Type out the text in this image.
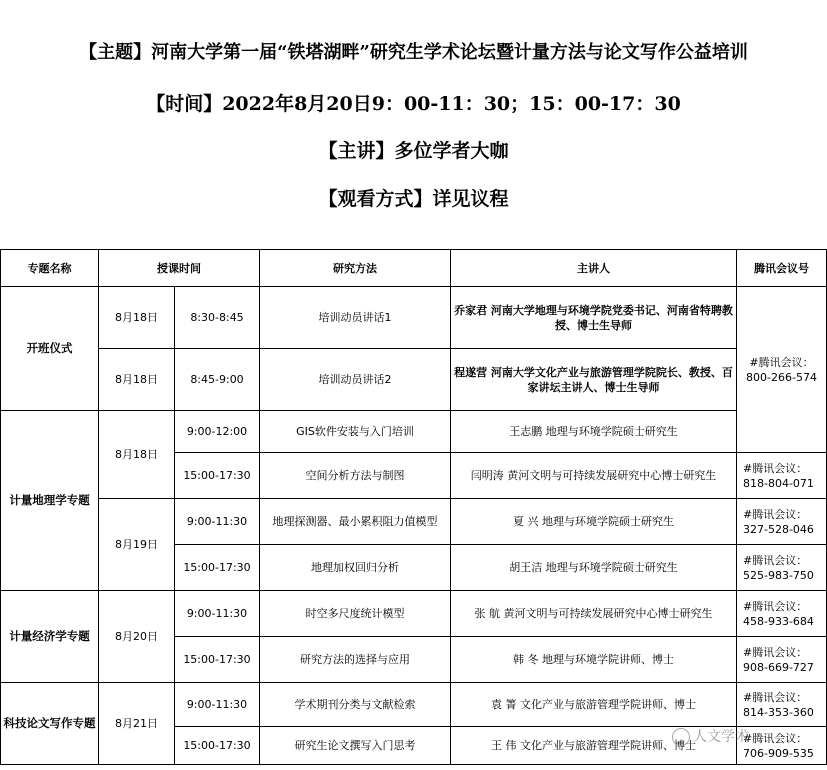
【主题】河南大学第一届“铁塔湖畔”研究生学术论坛暨计量方法与论文写作公益培训
【时间】2022年8月20日9：00-11：30；15：00-17：30
【主讲】多位学者大咖
【观看方式】详见议程
专题名称	授课时间		研究方法	主讲人	腾讯会议号
开班仪式	8月18日	8:30-8:45	培训动员讲话1	乔家君 河南大学地理与环境学院党委书记、河南省特聘教授、博士生导师	#腾讯会议：800-266-574
	8月18日	8:45-9:00	培训动员讲话2	程遂营 河南大学文化产业与旅游管理学院院长、教授、百家讲坛主讲人、博士生导师	
计量地理学专题	8月18日	9:00-12:00	GIS软件安装与入门培训	王志鹏 地理与环境学院硕士研究生	
		15:00-17:30	空间分析方法与制图	闫明涛 黄河文明与可持续发展研究中心博士研究生	#腾讯会议：818-804-071
	8月19日	9:00-11:30	地理探测器、最小累积阻力值模型	夏 兴 地理与环境学院硕士研究生	#腾讯会议：327-528-046
		15:00-17:30	地理加权回归分析	胡王洁 地理与环境学院硕士研究生	#腾讯会议：525-983-750
计量经济学专题	8月20日	9:00-11:30	时空多尺度统计模型	张 航 黄河文明与可持续发展研究中心博士研究生	#腾讯会议：458-933-684
		15:00-17:30	研究方法的选择与应用	韩 冬 地理与环境学院讲师、博士	#腾讯会议：908-669-727
科技论文写作专题	8月21日	9:00-11:30	学术期刊分类与文献检索	袁 箐 文化产业与旅游管理学院讲师、博士	#腾讯会议：814-353-360
		15:00-17:30	研究生论文撰写入门思考	王 伟 文化产业与旅游管理学院讲师、博士	#腾讯会议：706-909-535
人文学术
